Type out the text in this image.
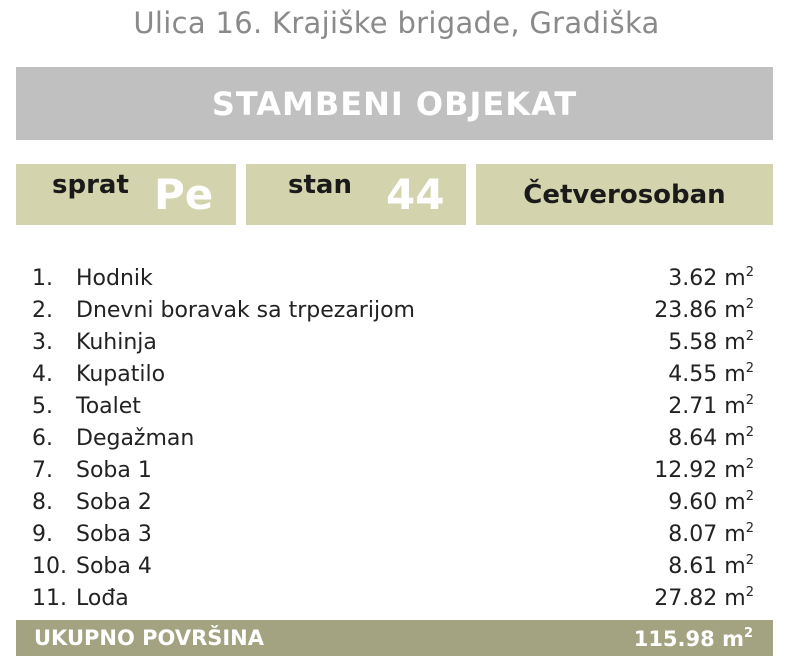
Ulica 16. Krajiške brigade, Gradiška
STAMBENI OBJEKAT
sprat Pe	stan 44	Četverosoban
1.	Hodnik	3.62 $m^2$
2.	Dnevni boravak sa trpezarijom	23.86 $m^2$
3.	Kuhinja	5.58 $m^2$
4.	Kupatilo	4.55 $m^2$
5.	Toalet	2.71 $m^2$
6.	Degažman	8.64 $m^2$
7.	Soba 1	12.92 $m^2$
8.	Soba 2	9.60 $m^2$
9.	Soba 3	8.07 $m^2$
10. Soba 4	8.61 $m^2$
11. Lođa	27.82 $m^2$
UKUPNO POVRŠINA	115.98 $m^2$
